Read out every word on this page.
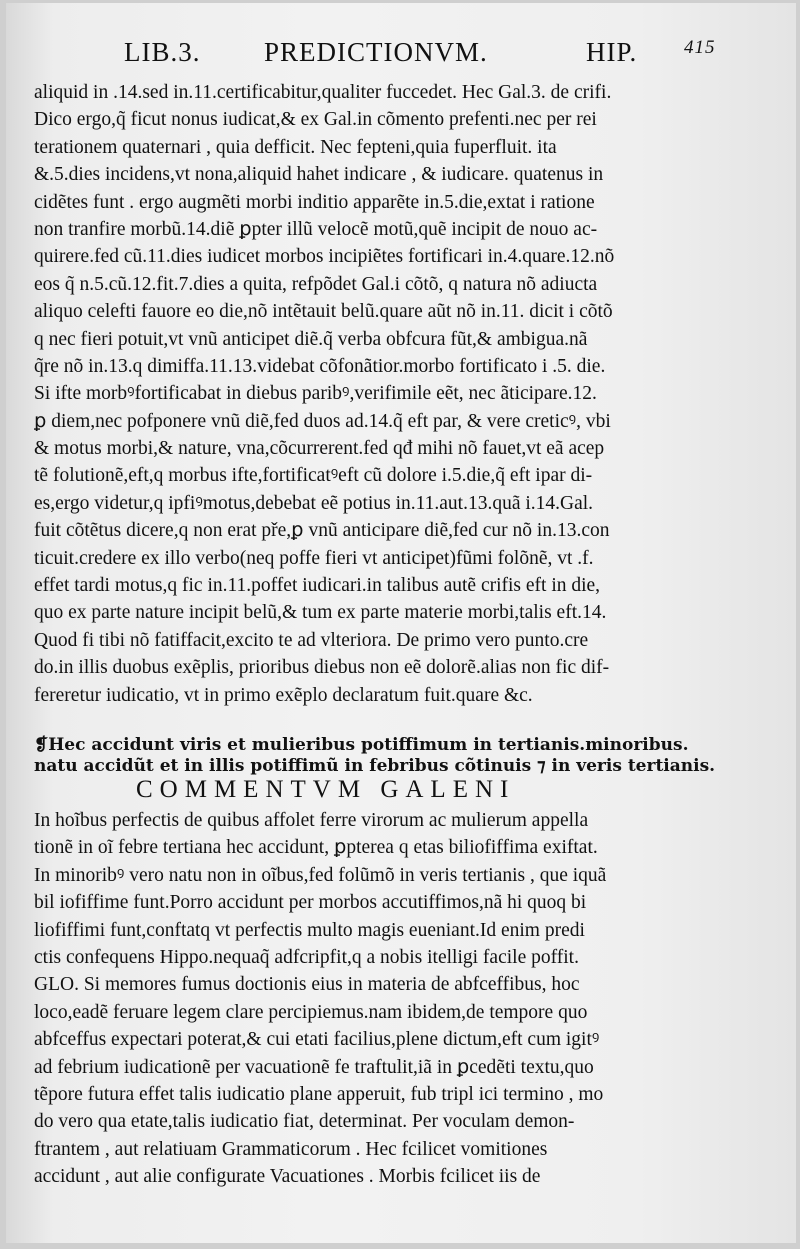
LIB.3. PREDICTIONVM.	HIP. 415
aliquid in .14.sed in.11.certificabitur,qualiter fuccedet. Hec Gal.3. de crifi.
Dico ergo,q̃ ficut nonus iudicat,& ex Gal.in cõmento prefenti.nec per rei
terationem quaternari , quia defficit. Nec fepteni,quia fuperfluit. ita
&.5.dies incidens,vt nona,aliquid hahet indicare , & iudicare. quatenus in
cidẽtes funt . ergo augmẽti morbi inditio apparẽte in.5.die,extat i ratione
non tranfire morbũ.14.diẽ ꝑpter illũ velocẽ motũ,quẽ incipit de nouo ac-
quirere.fed cũ.11.dies iudicet morbos incipiẽtes fortificari in.4.quare.12.nõ
eos q̃ n.5.cũ.12.fit.7.dies a quita, refpõdet Gal.i cõtõ, q natura nõ adiucta
aliquo celefti fauore eo die,nõ intẽtauit belũ.quare aũt nõ in.11. dicit i cõtõ
q nec fieri potuit,vt vnũ anticipet diẽ.q̃ verba obfcura fũt,& ambigua.nã
q̃re nõ in.13.q dimiffa.11.13.videbat cõfonãtior.morbo fortificato i .5. die.
Si ifte morbꝰfortificabat in diebus paribꝰ,verifimile eẽt, nec ãticipare.12.
ꝑ diem,nec pofponere vnũ diẽ,fed duos ad.14.q̃ eft par, & vere creticꝰ, vbi
& motus morbi,& nature, vna,cõcurrerent.fed qđ mihi nõ fauet,vt eã acep
tẽ folutionẽ,eft,q morbus ifte,fortificatꝰeft cũ dolore i.5.die,q̃ eft ipar di-
es,ergo videtur,q ipfiꝰmotus,debebat eẽ potius in.11.aut.13.quã i.14.Gal.
fuit cõtẽtus dicere,q non erat pře,ꝑ vnũ anticipare diẽ,fed cur nõ in.13.con
ticuit.credere ex illo verbo(neq poffe fieri vt anticipet)fũmi folõnẽ, vt .f.
effet tardi motus,q fic in.11.poffet iudicari.in talibus autẽ crifis eft in die,
quo ex parte nature incipit belũ,& tum ex parte materie morbi,talis eft.14.
Quod fi tibi nõ fatiffacit,excito te ad vlteriora. De primo vero punto.cre
do.in illis duobus exẽplis, prioribus diebus non eẽ dolorẽ.alias non fic dif-
fereretur iudicatio, vt in primo exẽplo declaratum fuit.quare &c.
❡Hec accidunt viris et mulieribus potiffimum in tertianis.minoribus.
natu accidũt et in illis potiffimũ in febribus cõtinuis ⁊ in veris tertianis.
COMMENTVM GALENI
In hoĩbus perfectis de quibus affolet ferre virorum ac mulierum appella
tionẽ in oĩ febre tertiana hec accidunt, ꝑpterea q etas biliofiffima exiftat.
In minoribꝰ vero natu non in oĩbus,fed folũmõ in veris tertianis , que iquã
bil iofiffime funt.Porro accidunt per morbos accutiffimos,nã hi quoq bi
liofiffimi funt,conftatq vt perfectis multo magis eueniant.Id enim predi
ctis confequens Hippo.nequaq̃ adfcripfit,q a nobis itelligi facile poffit.
GLO. Si memores fumus doctionis eius in materia de abfceffibus, hoc
loco,eadẽ feruare legem clare percipiemus.nam ibidem,de tempore quo
abfceffus expectari poterat,& cui etati facilius,plene dictum,eft cum igitꝰ
ad febrium iudicationẽ per vacuationẽ fe traftulit,iã in ꝑcedẽti textu,quo
tẽpore futura effet talis iudicatio plane apperuit, fub tripl ici termino , mo
do vero qua etate,talis iudicatio fiat, determinat. Per voculam demon-
ftrantem , aut relatiuam Grammaticorum . Hec fcilicet vomitiones
accidunt , aut alie configurate Vacuationes . Morbis fcilicet iis de
